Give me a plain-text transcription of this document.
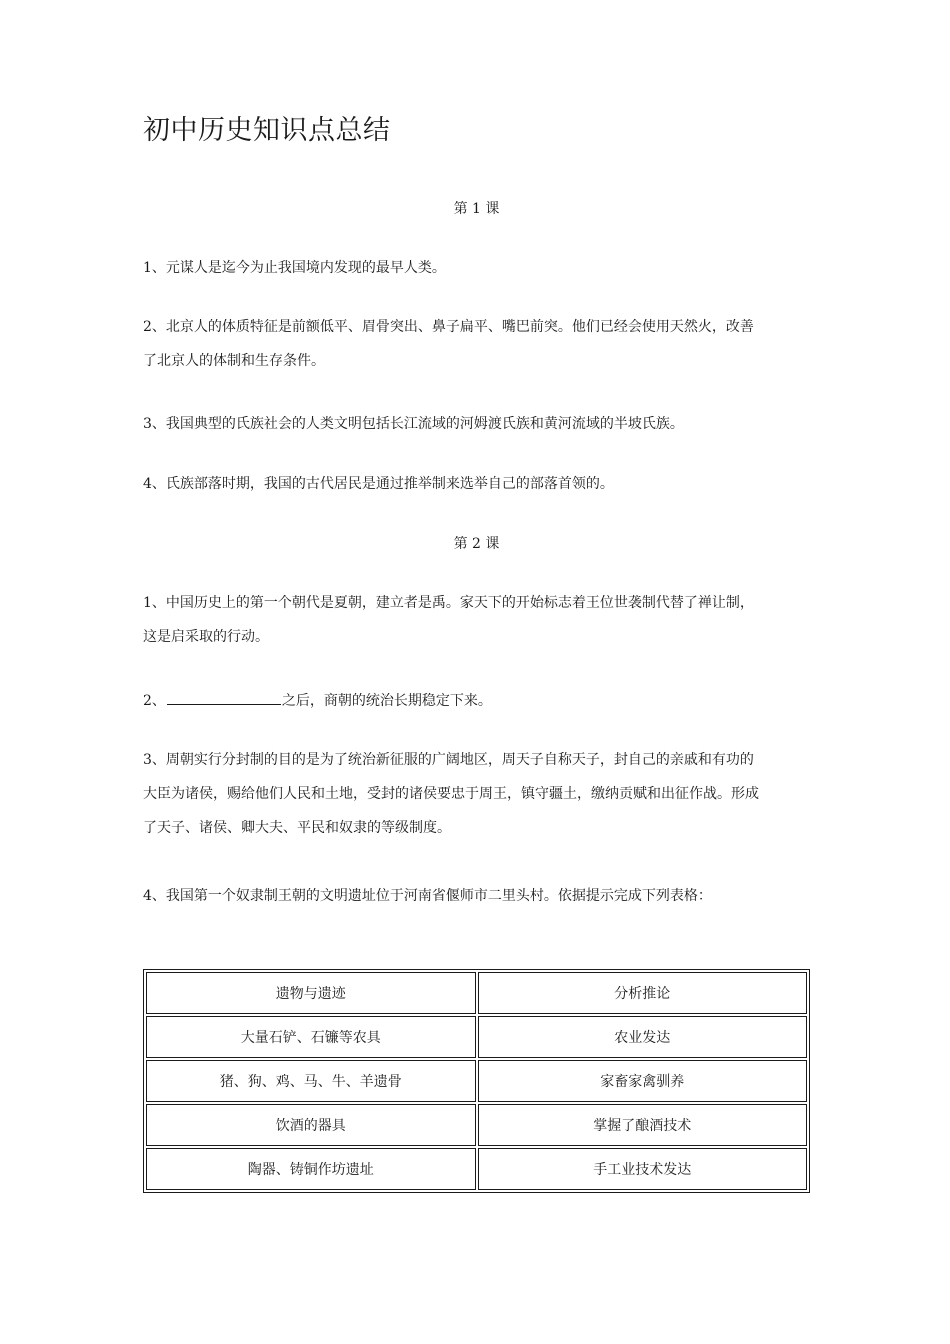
初中历史知识点总结
第 1 课
1、元谋人是迄今为止我国境内发现的最早人类。
2、北京人的体质特征是前额低平、眉骨突出、鼻子扁平、嘴巴前突。他们已经会使用天然火，改善
了北京人的体制和生存条件。
3、我国典型的氏族社会的人类文明包括长江流域的河姆渡氏族和黄河流域的半坡氏族。
4、氏族部落时期，我国的古代居民是通过推举制来选举自己的部落首领的。
第 2 课
1、中国历史上的第一个朝代是夏朝，建立者是禹。家天下的开始标志着王位世袭制代替了禅让制，
这是启采取的行动。
2、	之后，商朝的统治长期稳定下来。
3、周朝实行分封制的目的是为了统治新征服的广阔地区，周天子自称天子，封自己的亲戚和有功的
大臣为诸侯，赐给他们人民和土地，受封的诸侯要忠于周王，镇守疆土，缴纳贡赋和出征作战。形成
了天子、诸侯、卿大夫、平民和奴隶的等级制度。
4、我国第一个奴隶制王朝的文明遗址位于河南省偃师市二里头村。依据提示完成下列表格：
遗物与遗迹	分析推论
大量石铲、石镰等农具	农业发达
猪、狗、鸡、马、牛、羊遗骨	家畜家禽驯养
饮酒的器具	掌握了酿酒技术
陶器、铸铜作坊遗址	手工业技术发达
